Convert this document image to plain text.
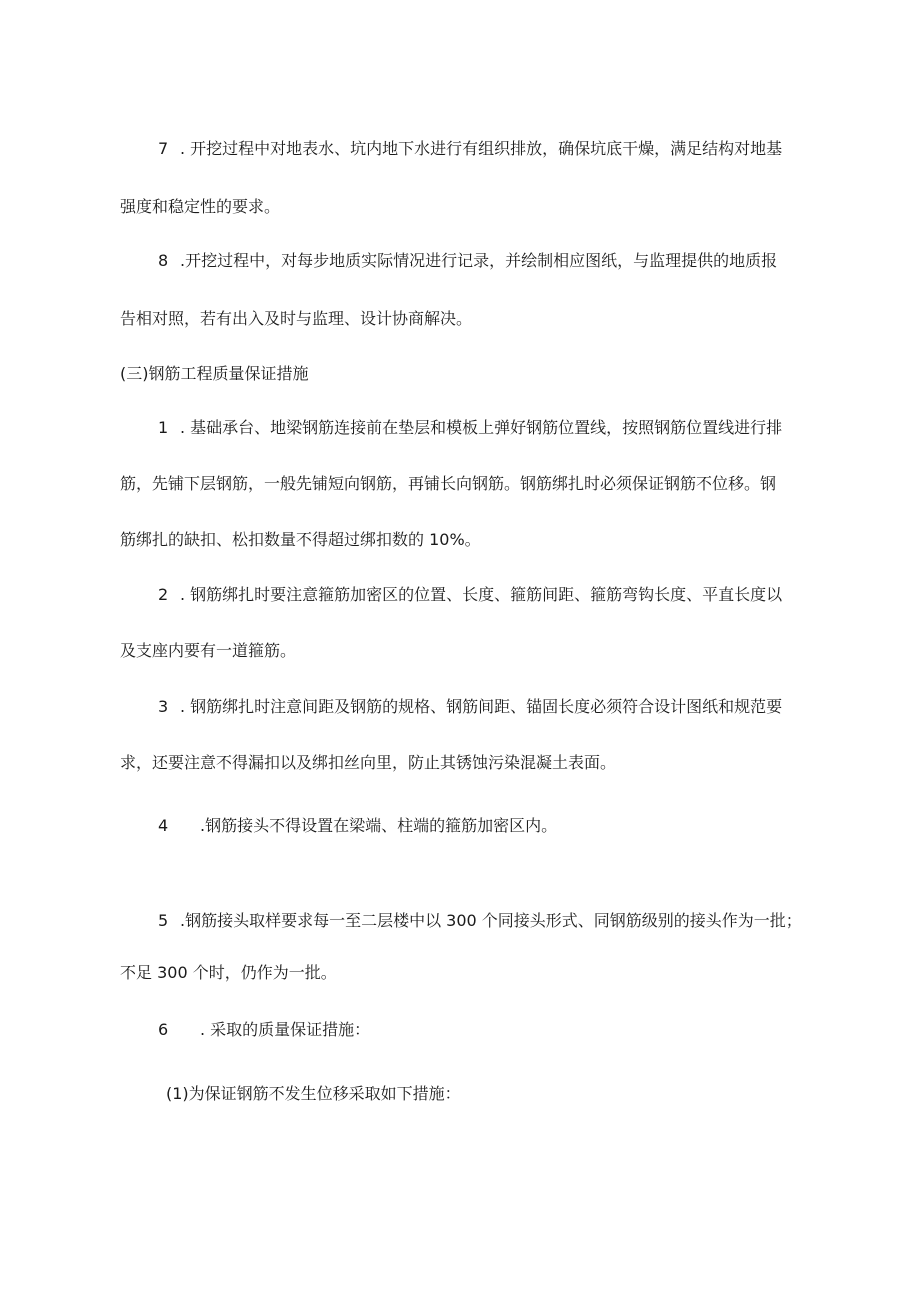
7 . 开挖过程中对地表水、坑内地下水进行有组织排放，确保坑底干燥，满足结构对地基
强度和稳定性的要求。
8 .开挖过程中，对每步地质实际情况进行记录，并绘制相应图纸，与监理提供的地质报
告相对照，若有出入及时与监理、设计协商解决。
(三)钢筋工程质量保证措施
1 . 基础承台、地梁钢筋连接前在垫层和模板上弹好钢筋位置线，按照钢筋位置线进行排
筋，先铺下层钢筋，一般先铺短向钢筋，再铺长向钢筋。钢筋绑扎时必须保证钢筋不位移。钢
筋绑扎的缺扣、松扣数量不得超过绑扣数的 10%。
2 . 钢筋绑扎时要注意箍筋加密区的位置、长度、箍筋间距、箍筋弯钩长度、平直长度以
及支座内要有一道箍筋。
3 . 钢筋绑扎时注意间距及钢筋的规格、钢筋间距、锚固长度必须符合设计图纸和规范要
求，还要注意不得漏扣以及绑扣丝向里，防止其锈蚀污染混凝土表面。
4 .钢筋接头不得设置在梁端、柱端的箍筋加密区内。
5 .钢筋接头取样要求每一至二层楼中以 300 个同接头形式、同钢筋级别的接头作为一批；
不足 300 个时，仍作为一批。
6 . 采取的质量保证措施：
(1)为保证钢筋不发生位移采取如下措施：
